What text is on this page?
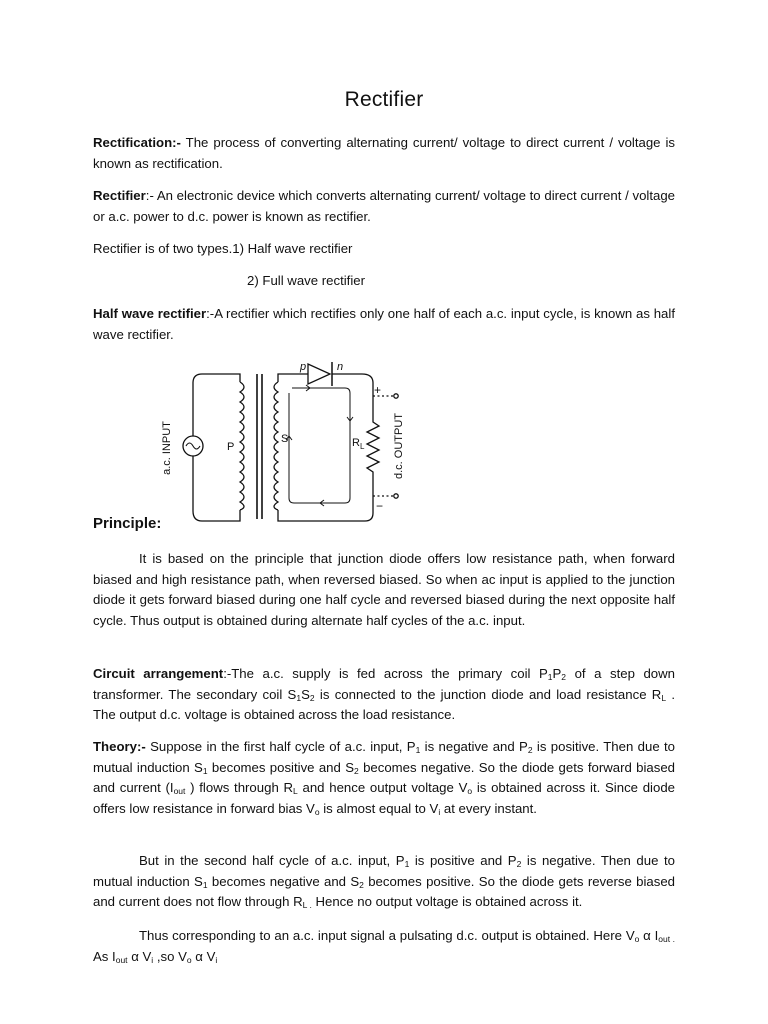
Rectifier

Rectification:- The process of converting alternating current/ voltage to direct current / voltage is known as rectification.

Rectifier:- An electronic device which converts alternating current/ voltage to direct current / voltage or a.c. power to d.c. power is known as rectifier.

Rectifier is of two types.1) Half wave rectifier

2) Full wave rectifier

Half wave rectifier:-A rectifier which rectifies only one half of each a.c. input cycle, is known as half wave rectifier.

a.c. INPUT	P
S
p	n
$R_L$	d.c. OUTPUT
+
−
Principle:

It is based on the principle that junction diode offers low resistance path, when forward biased and high resistance path, when reversed biased. So when ac input is applied to the junction diode it gets forward biased during one half cycle and reversed biased during the next opposite half cycle. Thus output is obtained during alternate half cycles of the a.c. input.

Circuit arrangement:-The a.c. supply is fed across the primary coil $P_1P_2$ of a step down transformer. The secondary coil $S_1S_2$ is connected to the junction diode and load resistance $R_L$ . The output d.c. voltage is obtained across the load resistance.

Theory:- Suppose in the first half cycle of a.c. input, $P_1$ is negative and $P_2$ is positive. Then due to mutual induction $S_1$ becomes positive and $S_2$ becomes negative. So the diode gets forward biased and current ($I_{out}$ ) flows through $R_L$ and hence output voltage $V_o$ is obtained across it. Since diode offers low resistance in forward bias $V_o$ is almost equal to $V_i$ at every instant.

But in the second half cycle of a.c. input, $P_1$ is positive and $P_2$ is negative. Then due to mutual induction $S_1$ becomes negative and $S_2$ becomes positive. So the diode gets reverse biased and current does not flow through $R_{L .}$ Hence no output voltage is obtained across it.

Thus corresponding to an a.c. input signal a pulsating d.c. output is obtained. Here $V_o$ α $I_{out .}$ As $I_{out}$ α $V_i$ ,so $V_o$ α $V_i$
